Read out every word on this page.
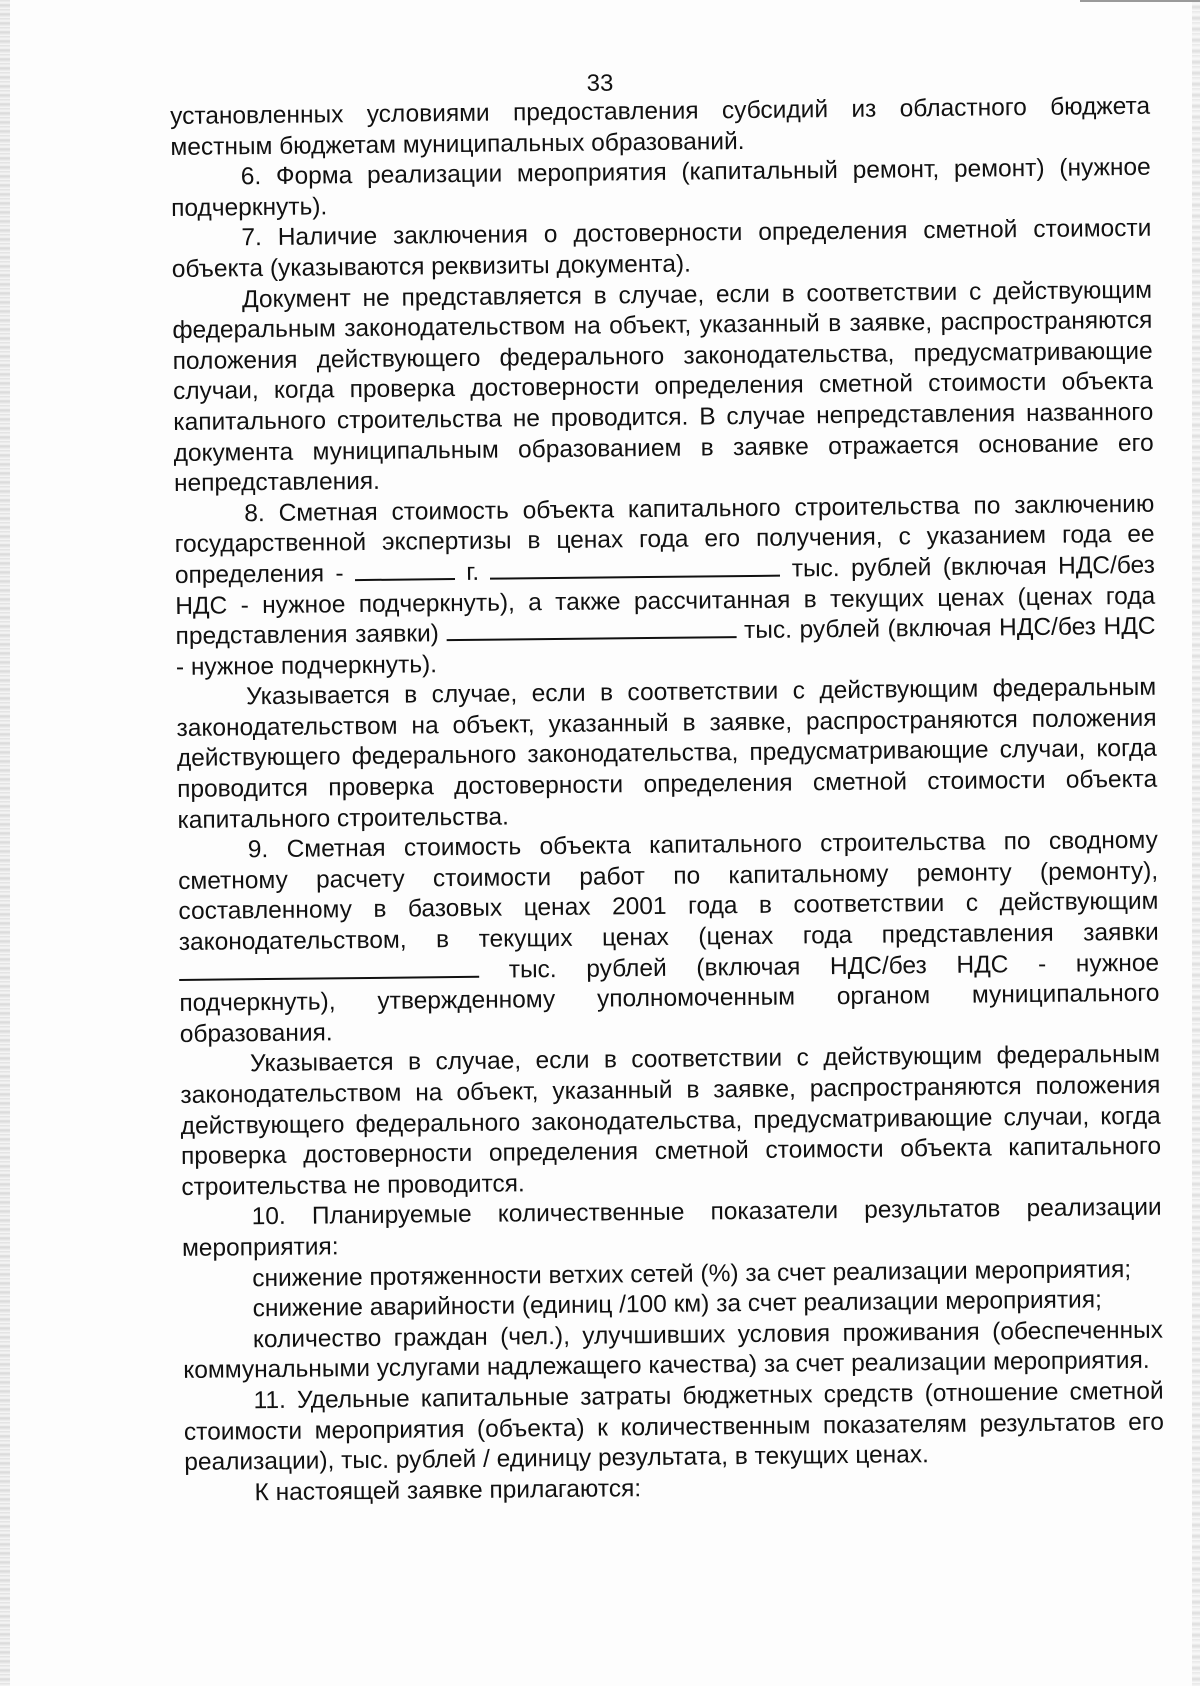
33

установленных условиями предоставления субсидий из областного бюджета местным бюджетам муниципальных образований.

6. Форма реализации мероприятия (капитальный ремонт, ремонт) (нужное подчеркнуть).

7. Наличие заключения о достоверности определения сметной стоимости объекта (указываются реквизиты документа).

Документ не представляется в случае, если в соответствии с действующим федеральным законодательством на объект, указанный в заявке, распространяются положения действующего федерального законодательства, предусматривающие случаи, когда проверка достоверности определения сметной стоимости объекта капитального строительства не проводится. В случае непредставления названного документа муниципальным образованием в заявке отражается основание его непредставления.

8. Сметная стоимость объекта капитального строительства по заключению государственной экспертизы в ценах года его получения, с указанием года ее определения -	г.	тыс. рублей (включая НДС/без НДС - нужное подчеркнуть), а также рассчитанная в текущих ценах (ценах года представления заявки)	тыс. рублей (включая НДС/без НДС - нужное подчеркнуть).

Указывается в случае, если в соответствии с действующим федеральным законодательством на объект, указанный в заявке, распространяются положения действующего федерального законодательства, предусматривающие случаи, когда проводится проверка достоверности определения сметной стоимости объекта капитального строительства.

9. Сметная стоимость объекта капитального строительства по сводному сметному расчету стоимости работ по капитальному ремонту (ремонту), составленному в базовых ценах 2001 года в соответствии с действующим законодательством, в текущих ценах (ценах года представления заявки  тыс. рублей (включая НДС/без НДС - нужное подчеркнуть), утвержденному уполномоченным органом муниципального образования.

Указывается в случае, если в соответствии с действующим федеральным законодательством на объект, указанный в заявке, распространяются положения действующего федерального законодательства, предусматривающие случаи, когда проверка достоверности определения сметной стоимости объекта капитального строительства не проводится.

10. Планируемые количественные показатели результатов реализации мероприятия:

снижение протяженности ветхих сетей (%) за счет реализации мероприятия;

снижение аварийности (единиц /100 км) за счет реализации мероприятия;

количество граждан (чел.), улучшивших условия проживания (обеспеченных коммунальными услугами надлежащего качества) за счет реализации мероприятия.

11. Удельные капитальные затраты бюджетных средств (отношение сметной стоимости мероприятия (объекта) к количественным показателям результатов его реализации), тыс. рублей / единицу результата, в текущих ценах.

К настоящей заявке прилагаются:
